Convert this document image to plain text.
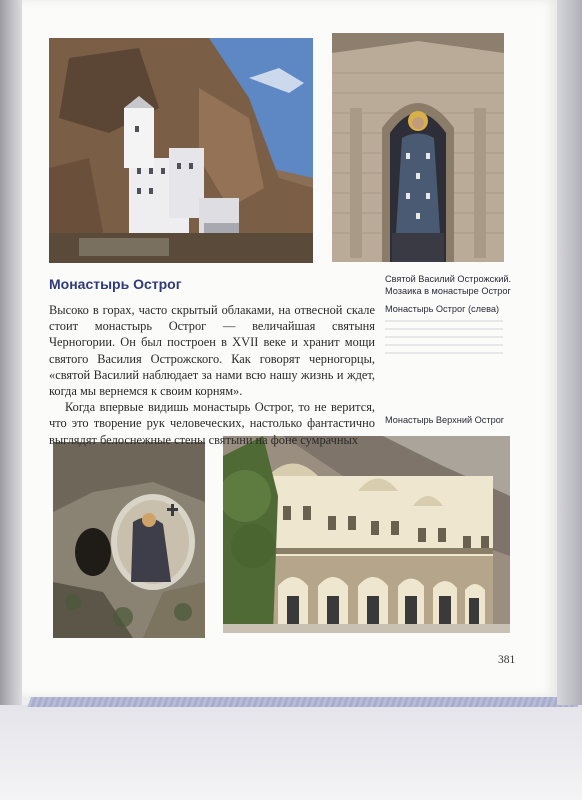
Монастырь Острог

Высоко в горах, часто скрытый облаками, на отвесной скале стоит монастырь Острог — величайшая святыня Черногории. Он был построен в XVII веке и хранит мощи святого Василия Острожского. Как говорят черногорцы, «святой Василий наблюдает за нами всю нашу жизнь и ждет, когда мы вернемся к своим корням».

Когда впервые видишь монастырь Острог, то не верится, что это творение рук человеческих, настолько фантастично выглядят белоснежные стены святыни на фоне сумрачных

Святой Василий Острожский.

Мозаика в монастыре Острог

Монастырь Острог (слева)

Монастырь Верхний Острог

381
